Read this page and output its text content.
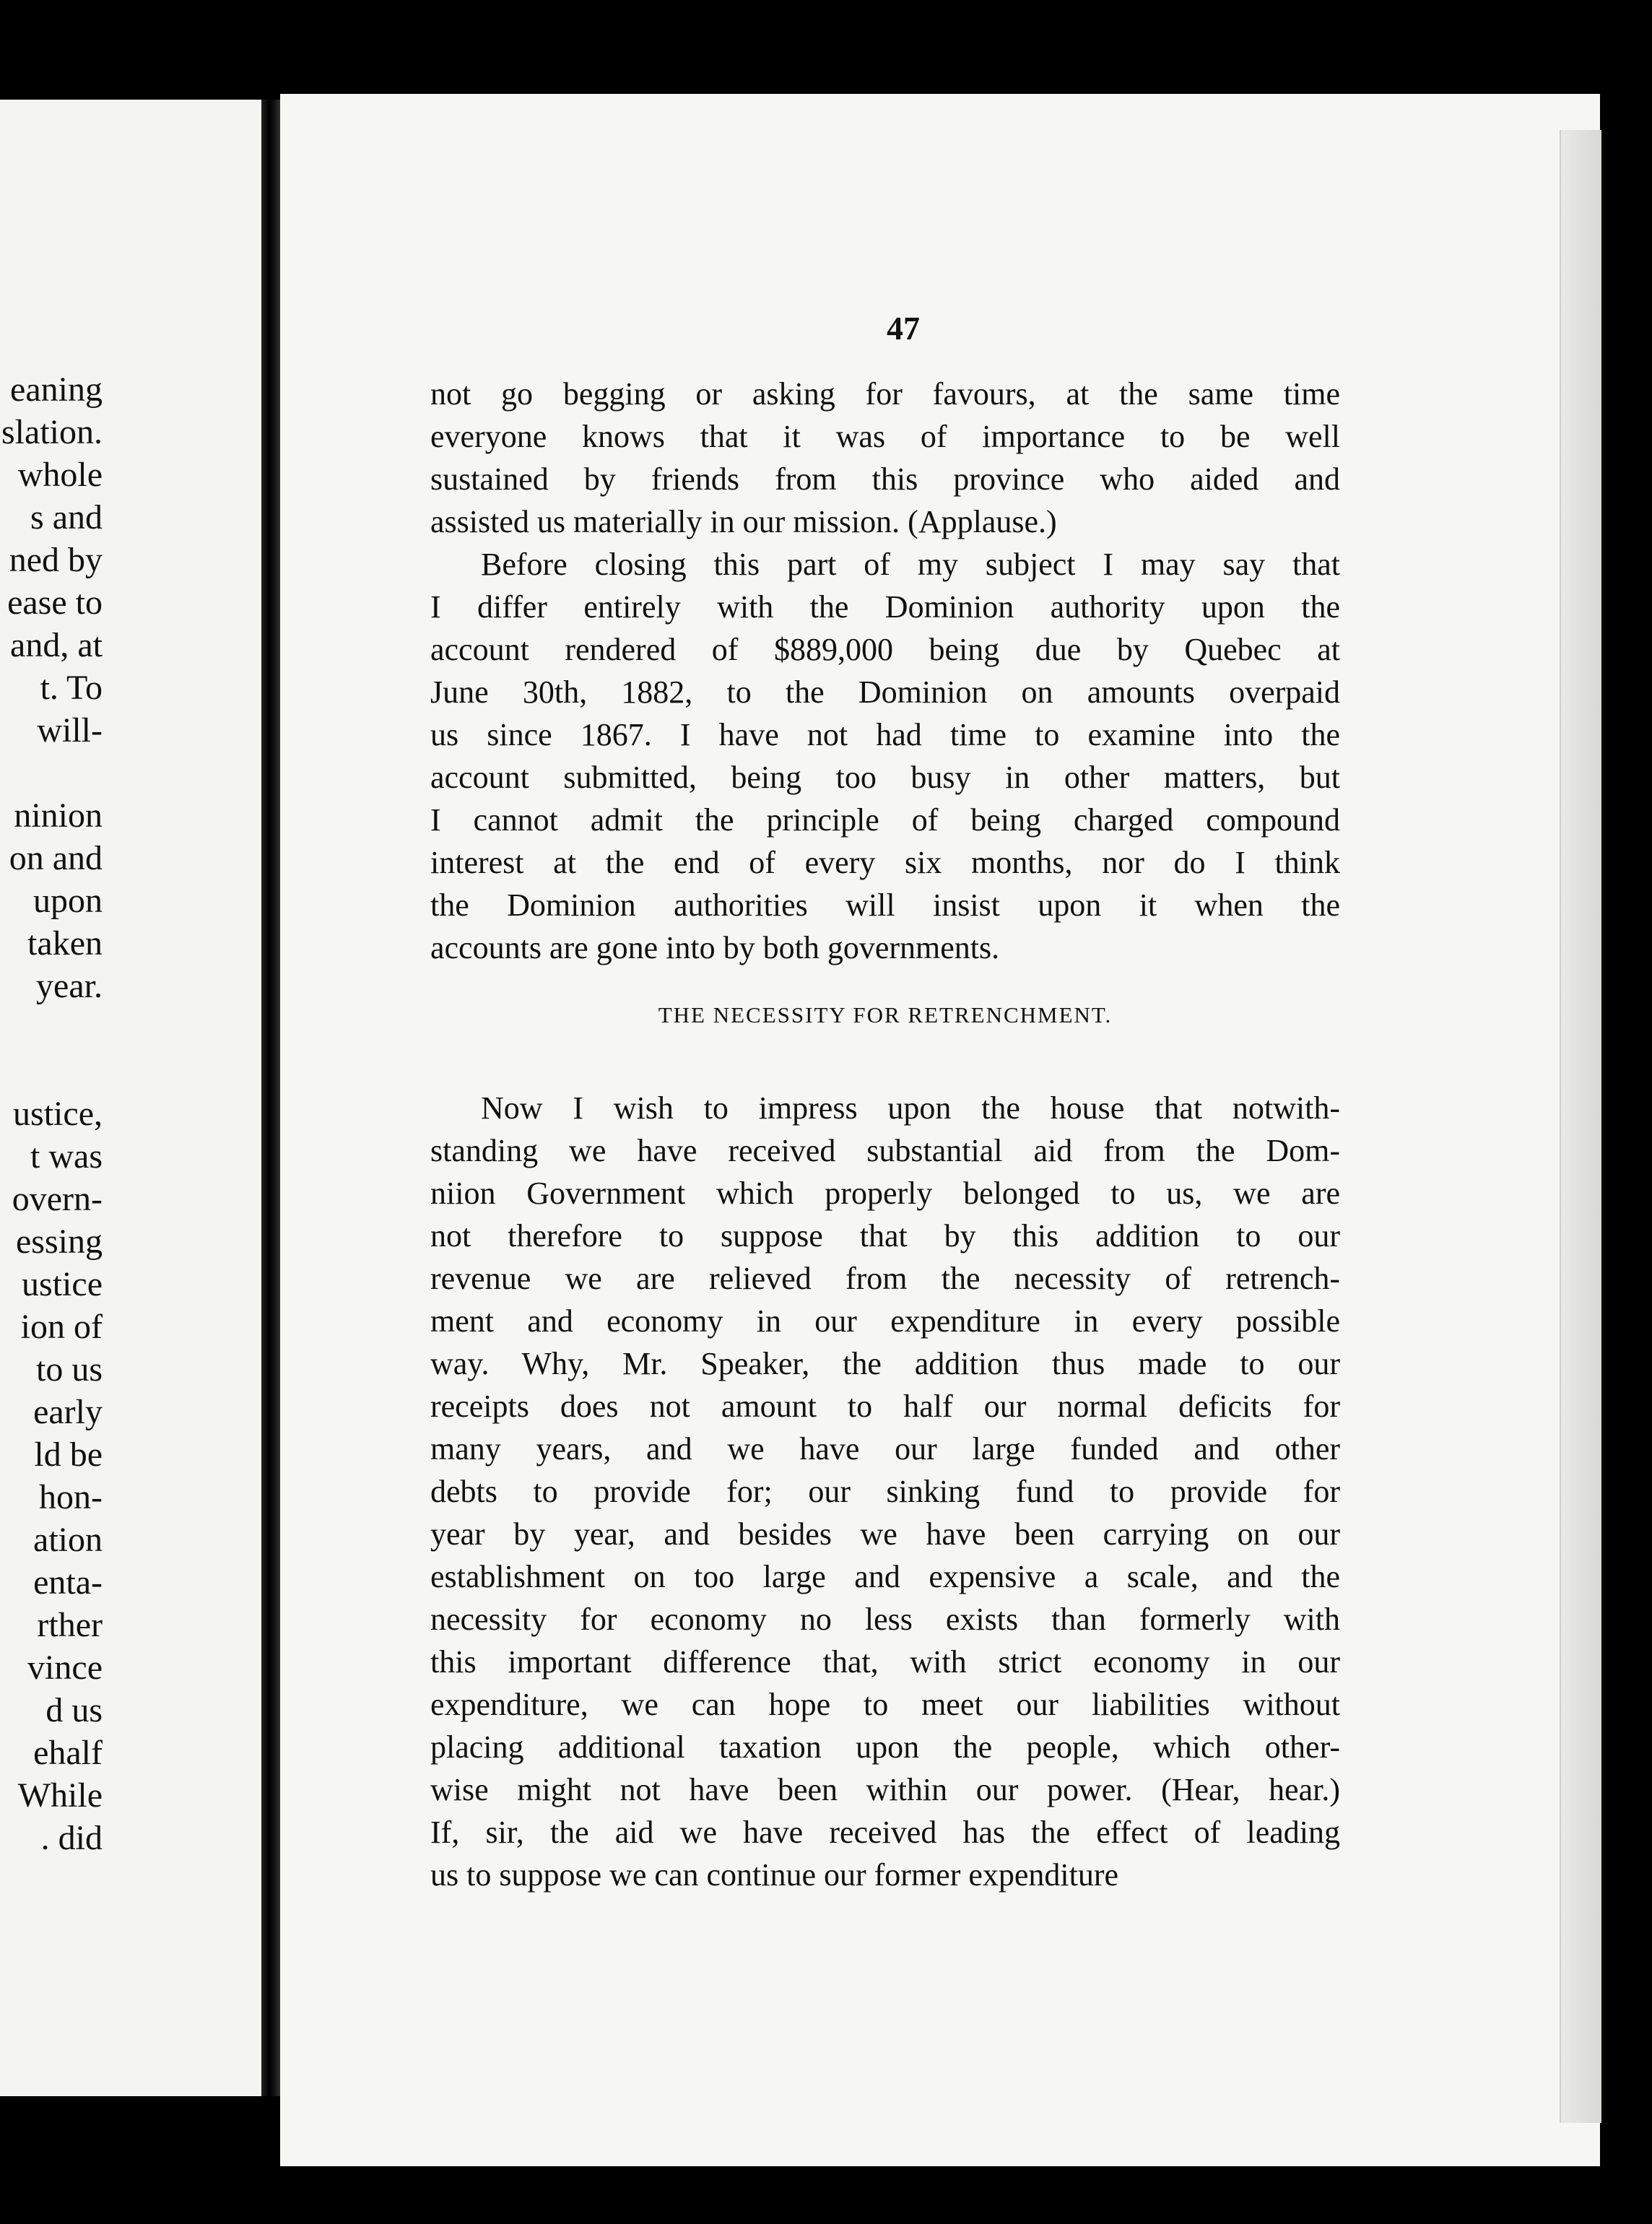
eaning
slation.
whole
s and
ned by
ease to
and, at
t. To
will-
ninion
on and
upon
taken
year.
ustice,
t was
overn-
essing
ustice
ion of
to us
early
ld be
hon-
ation
enta-
rther
vince
d us
ehalf
While
. did
47
not go begging or asking for favours, at the same time
everyone knows that it was of importance to be well
sustained by friends from this province who aided and
assisted us materially in our mission. (Applause.)
Before closing this part of my subject I may say that
I differ entirely with the Dominion authority upon the
account rendered of $889,000 being due by Quebec at
June 30th, 1882, to the Dominion on amounts overpaid
us since 1867. I have not had time to examine into the
account submitted, being too busy in other matters, but
I cannot admit the principle of being charged compound
interest at the end of every six months, nor do I think
the Dominion authorities will insist upon it when the
accounts are gone into by both governments.
THE NECESSITY FOR RETRENCHMENT.
Now I wish to impress upon the house that notwith-
standing we have received substantial aid from the Dom-
niion Government which properly belonged to us, we are
not therefore to suppose that by this addition to our
revenue we are relieved from the necessity of retrench-
ment and economy in our expenditure in every possible
way. Why, Mr. Speaker, the addition thus made to our
receipts does not amount to half our normal deficits for
many years, and we have our large funded and other
debts to provide for; our sinking fund to provide for
year by year, and besides we have been carrying on our
establishment on too large and expensive a scale, and the
necessity for economy no less exists than formerly with
this important difference that, with strict economy in our
expenditure, we can hope to meet our liabilities without
placing additional taxation upon the people, which other-
wise might not have been within our power. (Hear, hear.)
If, sir, the aid we have received has the effect of leading
us to suppose we can continue our former expenditure
